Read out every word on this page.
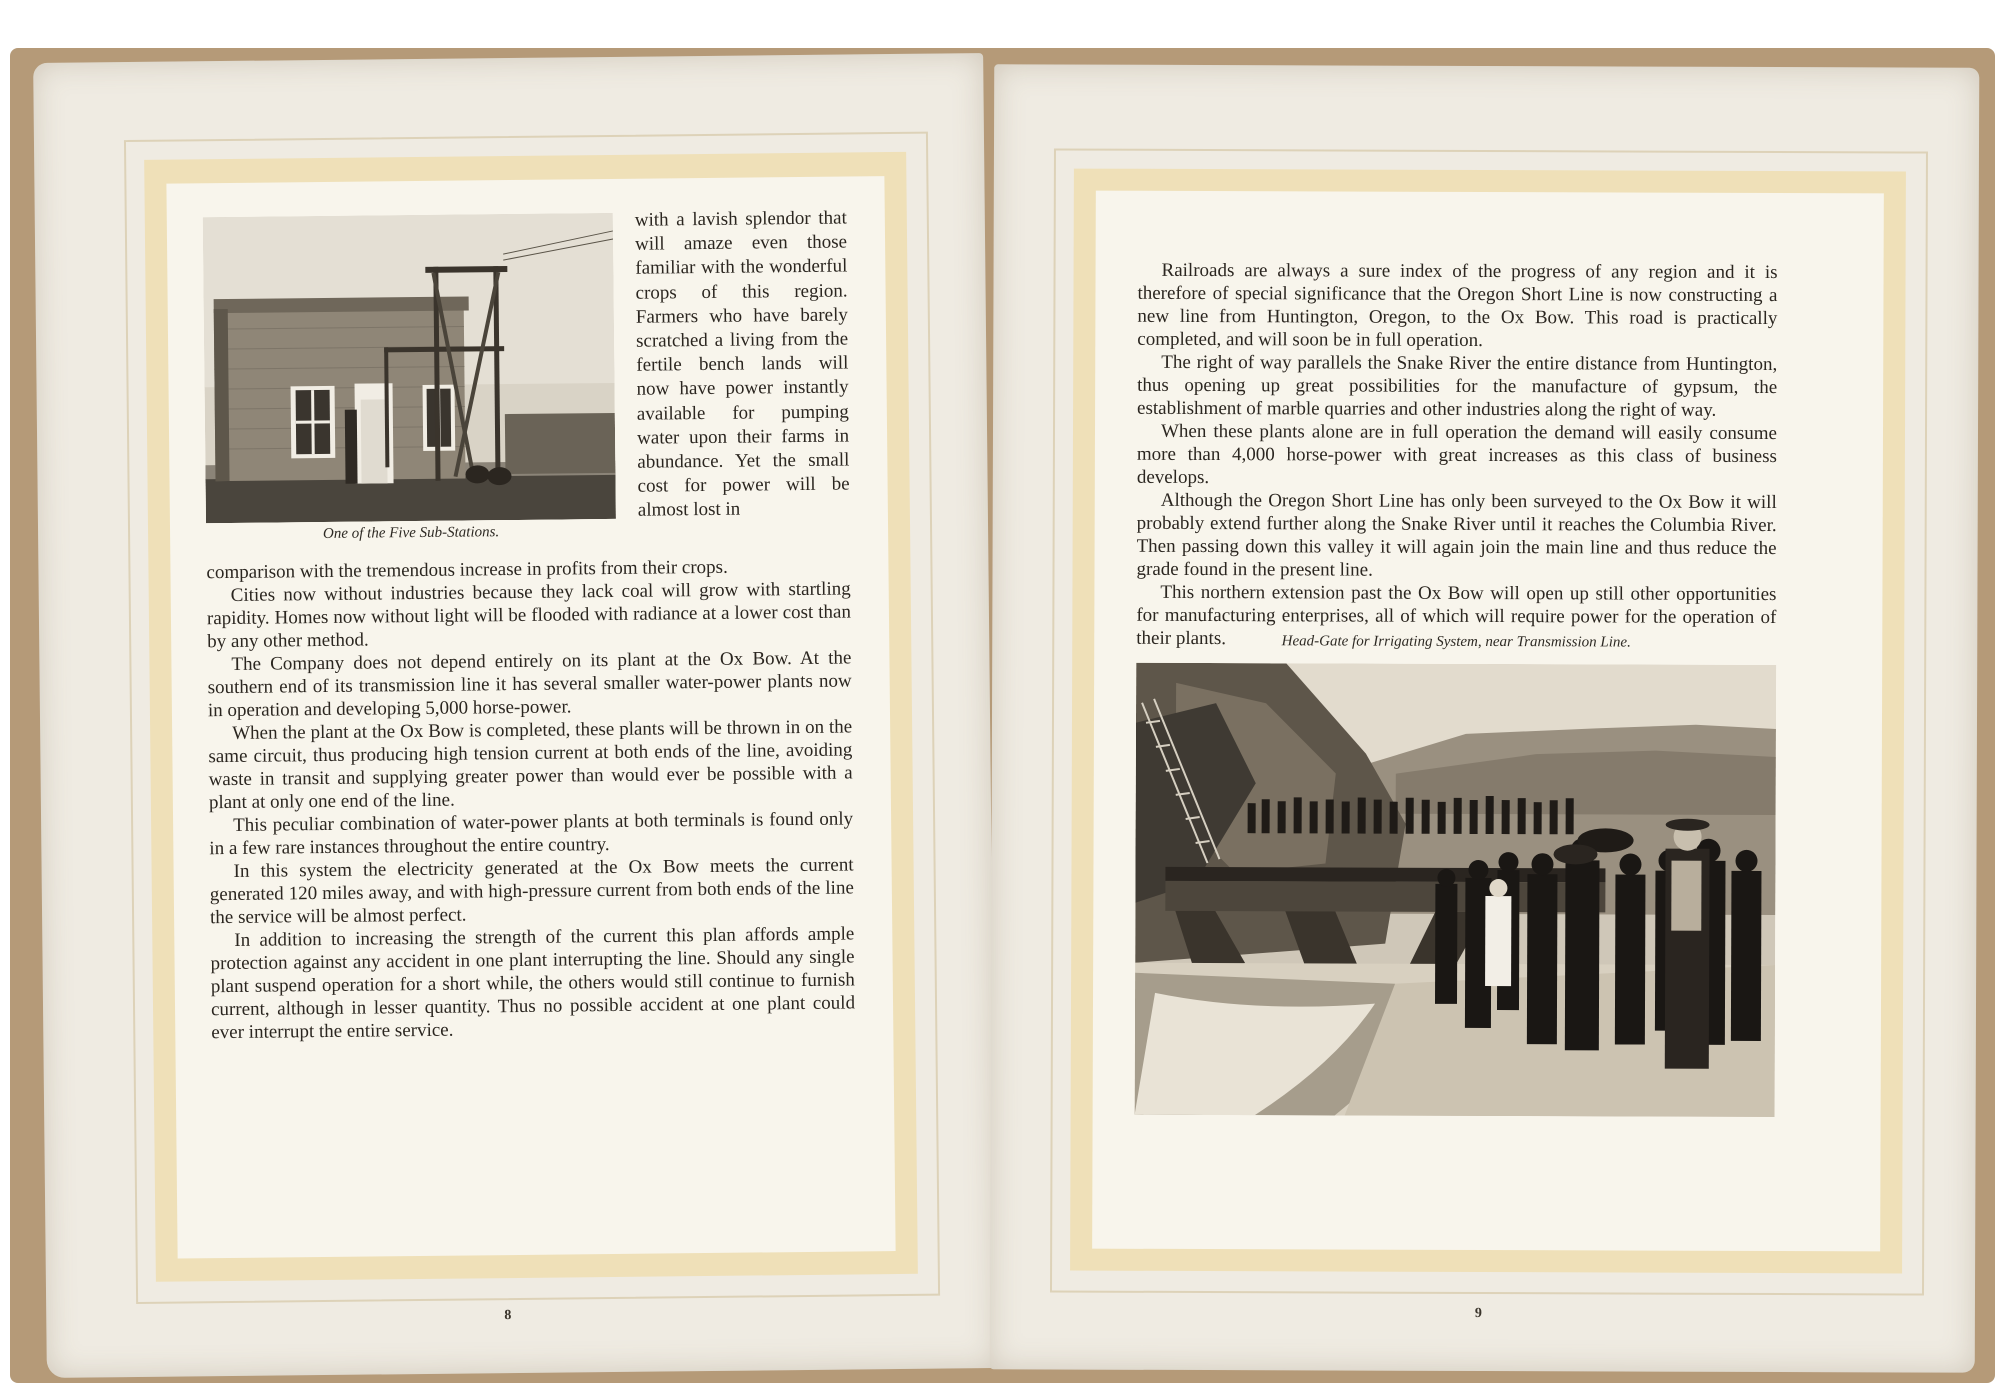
One of the Five Sub-Stations.
with a lavish splendor that will amaze even those familiar with the wonderful crops of this region. Farmers who have barely scratched a living from the fertile bench lands will now have power instantly available for pumping water upon their farms in abundance. Yet the small cost for power will be almost lost in

comparison with the tremendous increase in profits from their crops.

Cities now without industries because they lack coal will grow with startling rapidity. Homes now without light will be flooded with radiance at a lower cost than by any other method.

The Company does not depend entirely on its plant at the Ox Bow. At the southern end of its transmission line it has several smaller water-power plants now in operation and developing 5,000 horse-power.

When the plant at the Ox Bow is completed, these plants will be thrown in on the same circuit, thus producing high tension current at both ends of the line, avoiding waste in transit and supplying greater power than would ever be possible with a plant at only one end of the line.

This peculiar combination of water-power plants at both terminals is found only in a few rare instances throughout the entire country.

In this system the electricity generated at the Ox Bow meets the current generated 120 miles away, and with high-pressure current from both ends of the line the service will be almost perfect.

In addition to increasing the strength of the current this plan affords ample protection against any accident in one plant interrupting the line. Should any single plant suspend operation for a short while, the others would still continue to furnish current, although in lesser quantity. Thus no possible accident at one plant could ever interrupt the entire service.

8

Railroads are always a sure index of the progress of any region and it is therefore of special significance that the Oregon Short Line is now constructing a new line from Huntington, Oregon, to the Ox Bow. This road is practically completed, and will soon be in full operation.

The right of way parallels the Snake River the entire distance from Huntington, thus opening up great possibilities for the manufacture of gypsum, the establishment of marble quarries and other industries along the right of way.

When these plants alone are in full operation the demand will easily consume more than 4,000 horse-power with great increases as this class of business develops.

Although the Oregon Short Line has only been surveyed to the Ox Bow it will probably extend further along the Snake River until it reaches the Columbia River. Then passing down this valley it will again join the main line and thus reduce the grade found in the present line.

This northern extension past the Ox Bow will open up still other opportunities for manufacturing enterprises, all of which will require power for the operation of their plants.	Head-Gate for Irrigating System, near Transmission Line.
9
